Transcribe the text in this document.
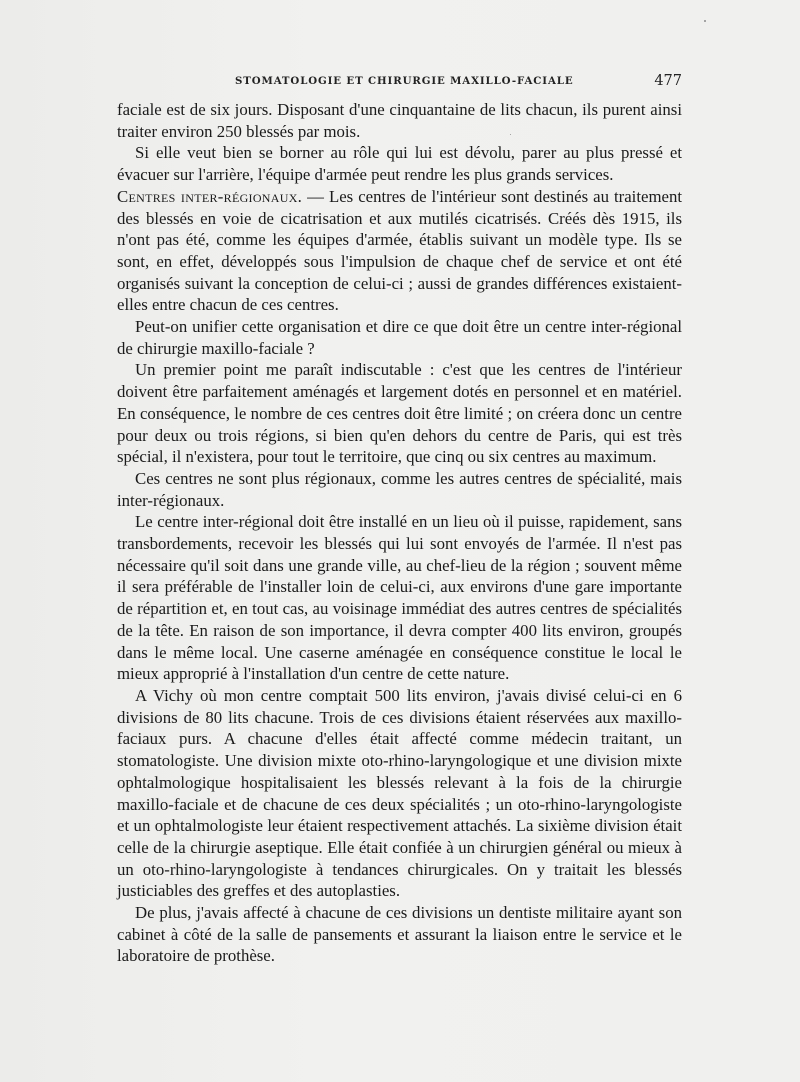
STOMATOLOGIE ET CHIRURGIE MAXILLO-FACIALE	477

faciale est de six jours. Disposant d'une cinquantaine de lits chacun, ils purent ainsi traiter environ 250 blessés par mois.

Si elle veut bien se borner au rôle qui lui est dévolu, parer au plus pressé et évacuer sur l'arrière, l'équipe d'armée peut rendre les plus grands services.

Centres inter-régionaux. — Les centres de l'intérieur sont destinés au traitement des blessés en voie de cicatrisation et aux mutilés cicatrisés. Créés dès 1915, ils n'ont pas été, comme les équipes d'armée, établis suivant un modèle type. Ils se sont, en effet, développés sous l'impulsion de chaque chef de service et ont été organisés suivant la conception de celui-ci ; aussi de grandes différences existaient-elles entre chacun de ces centres.

Peut-on unifier cette organisation et dire ce que doit être un centre inter-régional de chirurgie maxillo-faciale ?

Un premier point me paraît indiscutable : c'est que les centres de l'intérieur doivent être parfaitement aménagés et largement dotés en personnel et en matériel. En conséquence, le nombre de ces centres doit être limité ; on créera donc un centre pour deux ou trois régions, si bien qu'en dehors du centre de Paris, qui est très spécial, il n'existera, pour tout le territoire, que cinq ou six centres au maximum.

Ces centres ne sont plus régionaux, comme les autres centres de spécialité, mais inter-régionaux.

Le centre inter-régional doit être installé en un lieu où il puisse, rapidement, sans transbordements, recevoir les blessés qui lui sont envoyés de l'armée. Il n'est pas nécessaire qu'il soit dans une grande ville, au chef-lieu de la région ; souvent même il sera préférable de l'installer loin de celui-ci, aux environs d'une gare importante de répartition et, en tout cas, au voisinage immédiat des autres centres de spécialités de la tête. En raison de son importance, il devra compter 400 lits environ, groupés dans le même local. Une caserne aménagée en conséquence constitue le local le mieux approprié à l'installation d'un centre de cette nature.

A Vichy où mon centre comptait 500 lits environ, j'avais divisé celui-ci en 6 divisions de 80 lits chacune. Trois de ces divisions étaient réservées aux maxillo-faciaux purs. A chacune d'elles était affecté comme médecin traitant, un stomatologiste. Une division mixte oto-rhino-laryngologique et une division mixte ophtalmologique hospitalisaient les blessés relevant à la fois de la chirurgie maxillo-faciale et de chacune de ces deux spécialités ; un oto-rhino-laryngologiste et un ophtalmologiste leur étaient respectivement attachés. La sixième division était celle de la chirurgie aseptique. Elle était confiée à un chirurgien général ou mieux à un oto-rhino-laryngologiste à tendances chirurgicales. On y traitait les blessés justiciables des greffes et des autoplasties.

De plus, j'avais affecté à chacune de ces divisions un dentiste militaire ayant son cabinet à côté de la salle de pansements et assurant la liaison entre le service et le laboratoire de prothèse.
